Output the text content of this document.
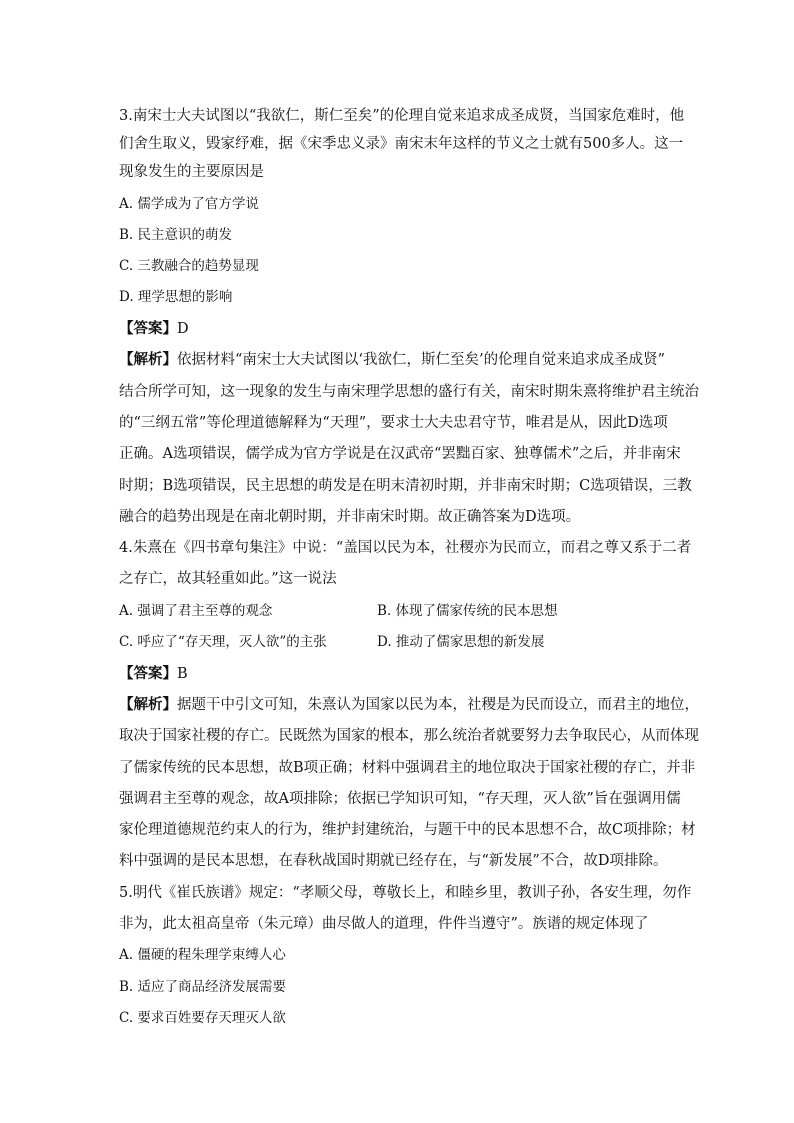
3.南宋士大夫试图以“我欲仁，斯仁至矣”的伦理自觉来追求成圣成贤，当国家危难时，他
们舍生取义，毁家纾难，据《宋季忠义录》南宋末年这样的节义之士就有500多人。这一
现象发生的主要原因是
A. 儒学成为了官方学说
B. 民主意识的萌发
C. 三教融合的趋势显现
D. 理学思想的影响
【答案】D
【解析】依据材料“南宋士大夫试图以‘我欲仁，斯仁至矣’的伦理自觉来追求成圣成贤”
结合所学可知，这一现象的发生与南宋理学思想的盛行有关，南宋时期朱熹将维护君主统治
的“三纲五常”等伦理道德解释为“天理”，要求士大夫忠君守节，唯君是从，因此D选项
正确。A选项错误，儒学成为官方学说是在汉武帝“罢黜百家、独尊儒术”之后，并非南宋
时期；B选项错误，民主思想的萌发是在明末清初时期，并非南宋时期；C选项错误，三教
融合的趋势出现是在南北朝时期，并非南宋时期。故正确答案为D选项。
4.朱熹在《四书章句集注》中说：“盖国以民为本，社稷亦为民而立，而君之尊又系于二者
之存亡，故其轻重如此。”这一说法
A. 强调了君主至尊的观念	B. 体现了儒家传统的民本思想
C. 呼应了“存天理，灭人欲”的主张	D. 推动了儒家思想的新发展
【答案】B
【解析】据题干中引文可知，朱熹认为国家以民为本，社稷是为民而设立，而君主的地位，
取决于国家社稷的存亡。民既然为国家的根本，那么统治者就要努力去争取民心，从而体现
了儒家传统的民本思想，故B项正确；材料中强调君主的地位取决于国家社稷的存亡，并非
强调君主至尊的观念，故A项排除；依据已学知识可知，“存天理，灭人欲”旨在强调用儒
家伦理道德规范约束人的行为，维护封建统治，与题干中的民本思想不合，故C项排除；材
料中强调的是民本思想，在春秋战国时期就已经存在，与“新发展”不合，故D项排除。
5.明代《崔氏族谱》规定：“孝顺父母，尊敬长上，和睦乡里，教训子孙，各安生理，勿作
非为，此太祖高皇帝（朱元璋）曲尽做人的道理，件件当遵守”。族谱的规定体现了
A. 僵硬的程朱理学束缚人心
B. 适应了商品经济发展需要
C. 要求百姓要存天理灭人欲
